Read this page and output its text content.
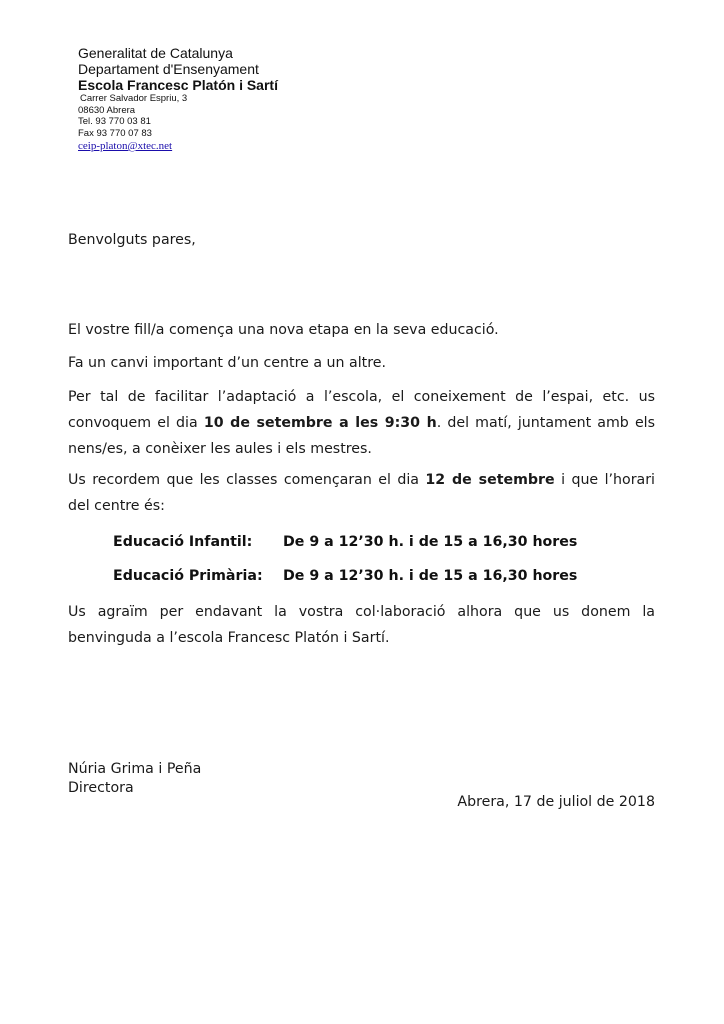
Generalitat de Catalunya
Departament d'Ensenyament
Escola Francesc Platón i Sartí
Carrer Salvador Espriu, 3
08630 Abrera
Tel. 93 770 03 81
Fax 93 770 07 83
ceip-platon@xtec.net
Benvolguts pares,
El vostre fill/a comença una nova etapa en la seva educació.
Fa un canvi important d’un centre a un altre.
Per tal de facilitar l’adaptació a l’escola, el coneixement de l’espai, etc. us convoquem el dia 10 de setembre a les 9:30 h. del matí, juntament amb els nens/es, a conèixer les aules i els mestres.
Us recordem que les classes començaran el dia 12 de setembre i que l’horari del centre és:
Educació Infantil: De 9 a 12’30 h. i de 15 a 16,30 hores
Educació Primària: De 9 a 12’30 h. i de 15 a 16,30 hores
Us agraïm per endavant la vostra col·laboració alhora que us donem la benvinguda a l’escola Francesc Platón i Sartí.
Núria Grima i Peña
Directora
Abrera, 17 de juliol de 2018
